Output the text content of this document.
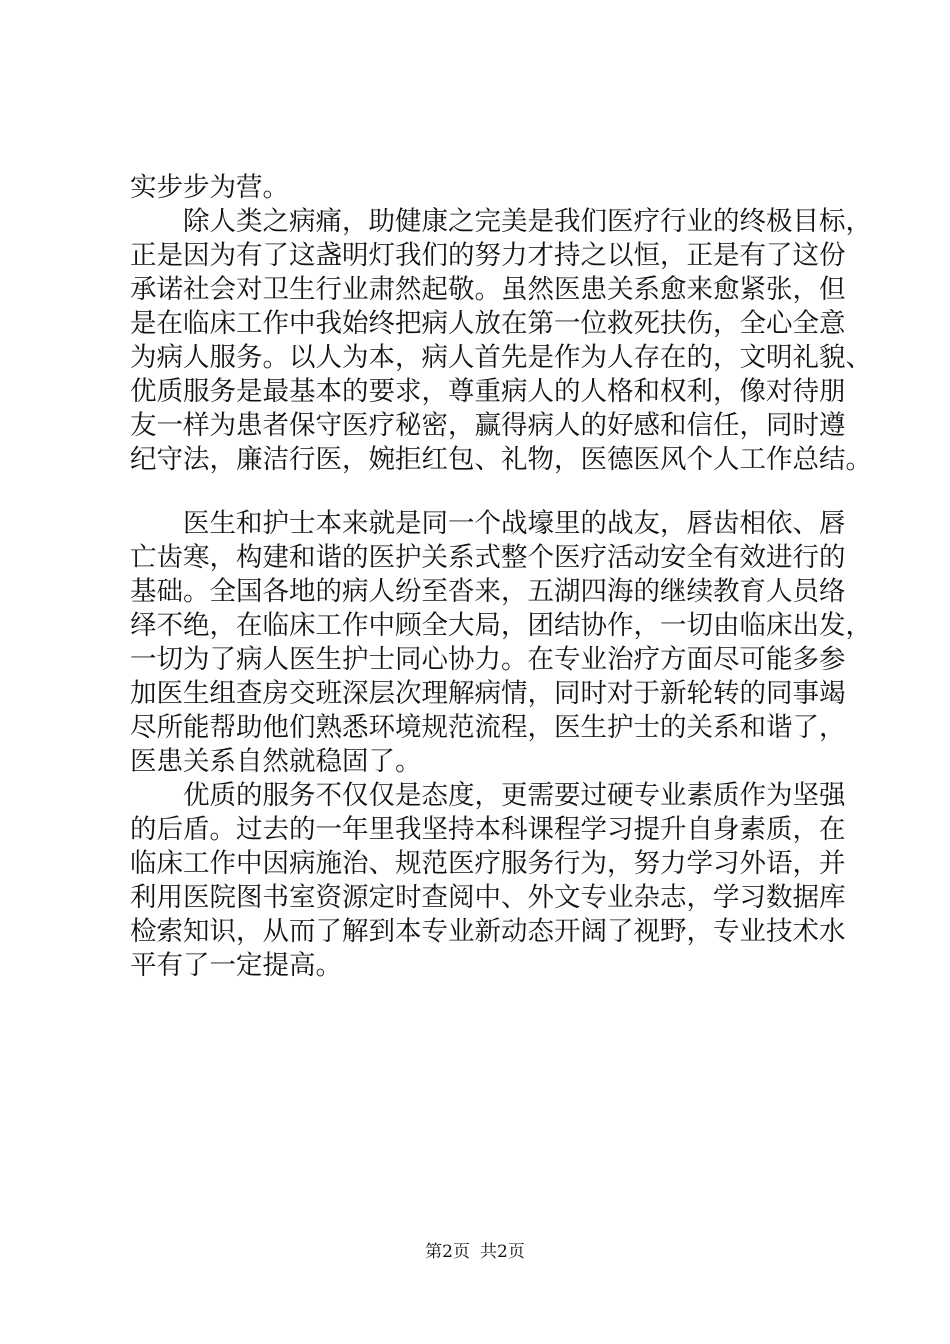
实步步为营。
除人类之病痛，助健康之完美是我们医疗行业的终极目标，
正是因为有了这盏明灯我们的努力才持之以恒，正是有了这份
承诺社会对卫生行业肃然起敬。虽然医患关系愈来愈紧张，但
是在临床工作中我始终把病人放在第一位救死扶伤，全心全意
为病人服务。以人为本，病人首先是作为人存在的，文明礼貌、
优质服务是最基本的要求，尊重病人的人格和权利，像对待朋
友一样为患者保守医疗秘密，赢得病人的好感和信任，同时遵
纪守法，廉洁行医，婉拒红包、礼物，医德医风个人工作总结。
医生和护士本来就是同一个战壕里的战友，唇齿相依、唇
亡齿寒，构建和谐的医护关系式整个医疗活动安全有效进行的
基础。全国各地的病人纷至沓来，五湖四海的继续教育人员络
绎不绝，在临床工作中顾全大局，团结协作，一切由临床出发，
一切为了病人医生护士同心协力。在专业治疗方面尽可能多参
加医生组查房交班深层次理解病情，同时对于新轮转的同事竭
尽所能帮助他们熟悉环境规范流程，医生护士的关系和谐了，
医患关系自然就稳固了。
优质的服务不仅仅是态度，更需要过硬专业素质作为坚强
的后盾。过去的一年里我坚持本科课程学习提升自身素质，在
临床工作中因病施治、规范医疗服务行为，努力学习外语，并
利用医院图书室资源定时查阅中、外文专业杂志，学习数据库
检索知识，从而了解到本专业新动态开阔了视野，专业技术水
平有了一定提高。
第2页 共2页
